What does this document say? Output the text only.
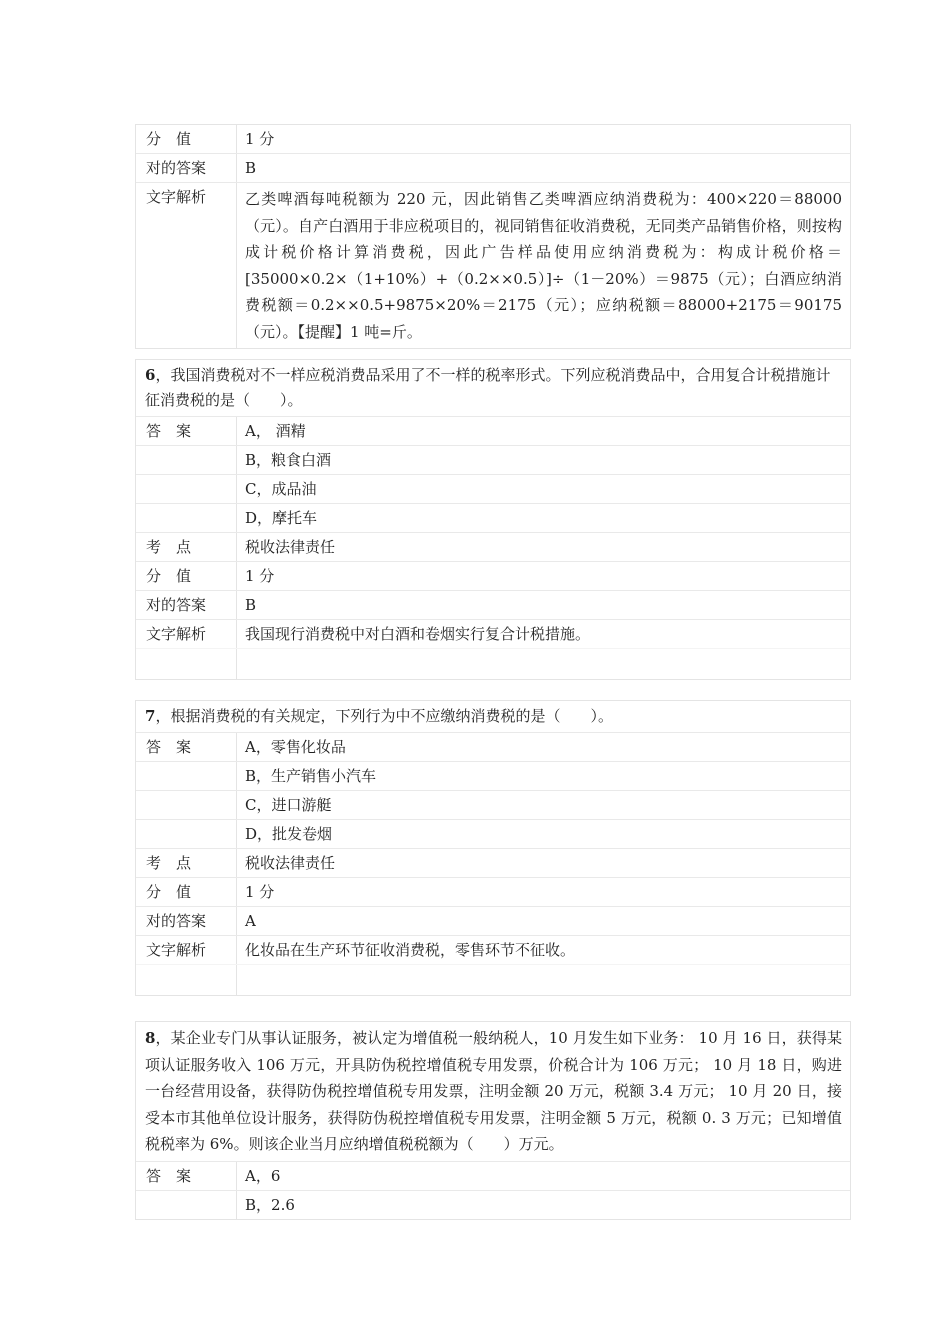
分　值	1 分
对的答案	B
文字解析	乙类啤酒每吨税额为 220 元，因此销售乙类啤酒应纳消费税为：400×220＝88000（元）。自产白酒用于非应税项目的，视同销售征收消费税，无同类产品销售价格，则按构成计税价格计算消费税，因此广告样品使用应纳消费税为：构成计税价格＝[35000×0.2×（1+10%）+（0.2××0.5）]÷（1－20%）＝9875（元）；白酒应纳消费税额＝0.2××0.5+9875×20%＝2175（元）；应纳税额＝88000+2175＝90175（元）。【提醒】1 吨=斤。
6，我国消费税对不一样应税消费品采用了不一样的税率形式。下列应税消费品中，合用复合计税措施计征消费税的是（　　）。
答　案	A， 酒精
B，粮食白酒
C，成品油
D，摩托车
考　点	税收法律责任
分　值	1 分
对的答案	B
文字解析	我国现行消费税中对白酒和卷烟实行复合计税措施。
7，根据消费税的有关规定，下列行为中不应缴纳消费税的是（　　）。
答　案	A，零售化妆品
B，生产销售小汽车
C，进口游艇
D，批发卷烟
考　点	税收法律责任
分　值	1 分
对的答案	A
文字解析	化妆品在生产环节征收消费税，零售环节不征收。
8，某企业专门从事认证服务，被认定为增值税一般纳税人，10 月发生如下业务： 10 月 16 日，获得某项认证服务收入 106 万元，开具防伪税控增值税专用发票，价税合计为 106 万元； 10 月 18 日，购进一台经营用设备，获得防伪税控增值税专用发票，注明金额 20 万元，税额 3.4 万元； 10 月 20 日，接受本市其他单位设计服务，获得防伪税控增值税专用发票，注明金额 5 万元，税额 0. 3 万元；已知增值税税率为 6%。则该企业当月应纳增值税税额为（　　）万元。
答　案	A，6
B，2.6
